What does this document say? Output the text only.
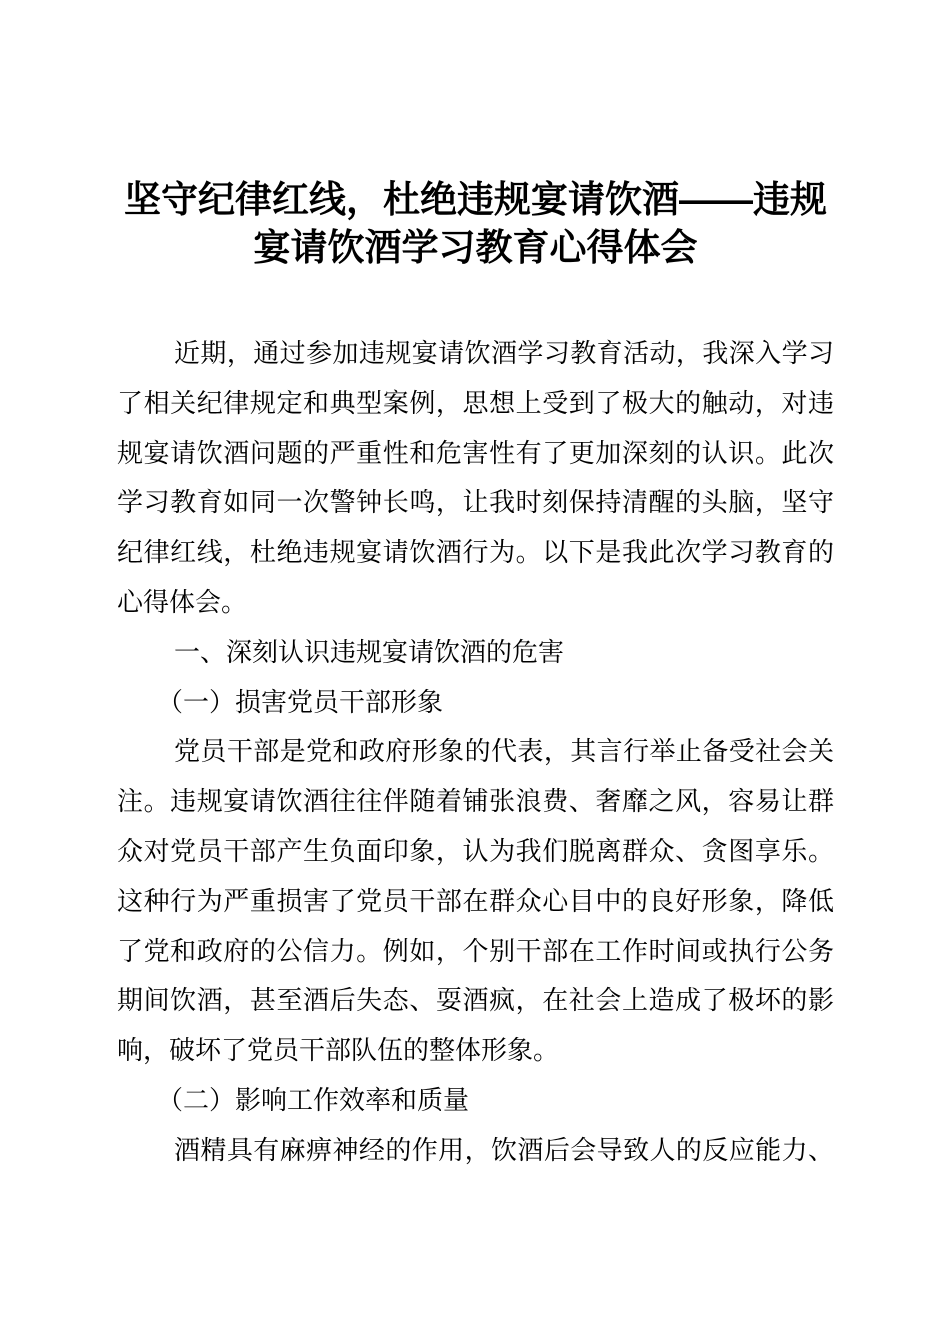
坚守纪律红线，杜绝违规宴请饮酒——违规
宴请饮酒学习教育心得体会
近期，通过参加违规宴请饮酒学习教育活动，我深入学习
了相关纪律规定和典型案例，思想上受到了极大的触动，对违
规宴请饮酒问题的严重性和危害性有了更加深刻的认识。此次
学习教育如同一次警钟长鸣，让我时刻保持清醒的头脑，坚守
纪律红线，杜绝违规宴请饮酒行为。以下是我此次学习教育的
心得体会。
一、深刻认识违规宴请饮酒的危害
（一）损害党员干部形象
党员干部是党和政府形象的代表，其言行举止备受社会关
注。违规宴请饮酒往往伴随着铺张浪费、奢靡之风，容易让群
众对党员干部产生负面印象，认为我们脱离群众、贪图享乐。
这种行为严重损害了党员干部在群众心目中的良好形象，降低
了党和政府的公信力。例如，个别干部在工作时间或执行公务
期间饮酒，甚至酒后失态、耍酒疯，在社会上造成了极坏的影
响，破坏了党员干部队伍的整体形象。
（二）影响工作效率和质量
酒精具有麻痹神经的作用，饮酒后会导致人的反应能力、
